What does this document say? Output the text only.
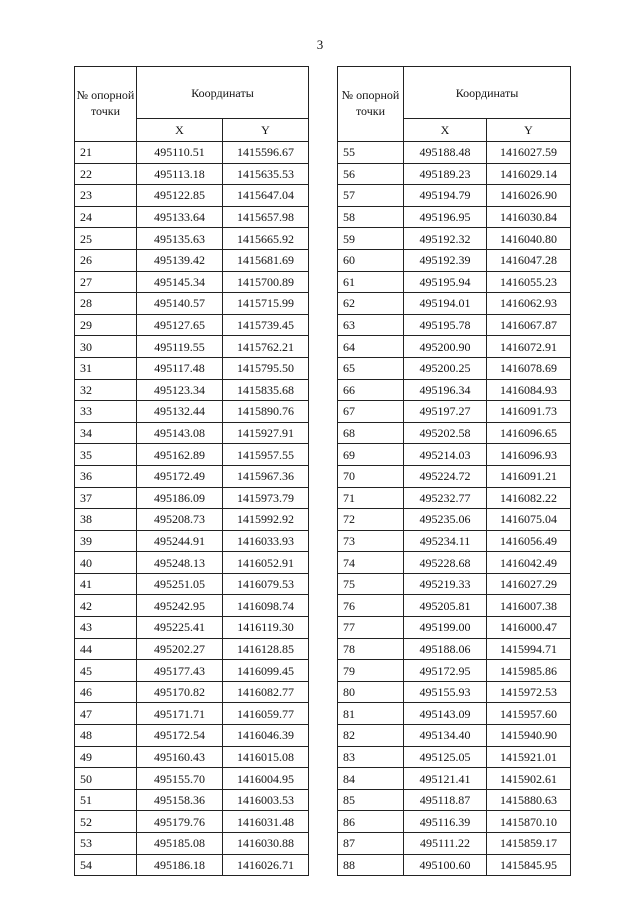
3
№ опорной точки	Координаты	
	X	Y
21	495110.51	1415596.67
22	495113.18	1415635.53
23	495122.85	1415647.04
24	495133.64	1415657.98
25	495135.63	1415665.92
26	495139.42	1415681.69
27	495145.34	1415700.89
28	495140.57	1415715.99
29	495127.65	1415739.45
30	495119.55	1415762.21
31	495117.48	1415795.50
32	495123.34	1415835.68
33	495132.44	1415890.76
34	495143.08	1415927.91
35	495162.89	1415957.55
36	495172.49	1415967.36
37	495186.09	1415973.79
38	495208.73	1415992.92
39	495244.91	1416033.93
40	495248.13	1416052.91
41	495251.05	1416079.53
42	495242.95	1416098.74
43	495225.41	1416119.30
44	495202.27	1416128.85
45	495177.43	1416099.45
46	495170.82	1416082.77
47	495171.71	1416059.77
48	495172.54	1416046.39
49	495160.43	1416015.08
50	495155.70	1416004.95
51	495158.36	1416003.53
52	495179.76	1416031.48
53	495185.08	1416030.88
54	495186.18	1416026.71
№ опорной точки	Координаты	
	X	Y
55	495188.48	1416027.59
56	495189.23	1416029.14
57	495194.79	1416026.90
58	495196.95	1416030.84
59	495192.32	1416040.80
60	495192.39	1416047.28
61	495195.94	1416055.23
62	495194.01	1416062.93
63	495195.78	1416067.87
64	495200.90	1416072.91
65	495200.25	1416078.69
66	495196.34	1416084.93
67	495197.27	1416091.73
68	495202.58	1416096.65
69	495214.03	1416096.93
70	495224.72	1416091.21
71	495232.77	1416082.22
72	495235.06	1416075.04
73	495234.11	1416056.49
74	495228.68	1416042.49
75	495219.33	1416027.29
76	495205.81	1416007.38
77	495199.00	1416000.47
78	495188.06	1415994.71
79	495172.95	1415985.86
80	495155.93	1415972.53
81	495143.09	1415957.60
82	495134.40	1415940.90
83	495125.05	1415921.01
84	495121.41	1415902.61
85	495118.87	1415880.63
86	495116.39	1415870.10
87	495111.22	1415859.17
88	495100.60	1415845.95
